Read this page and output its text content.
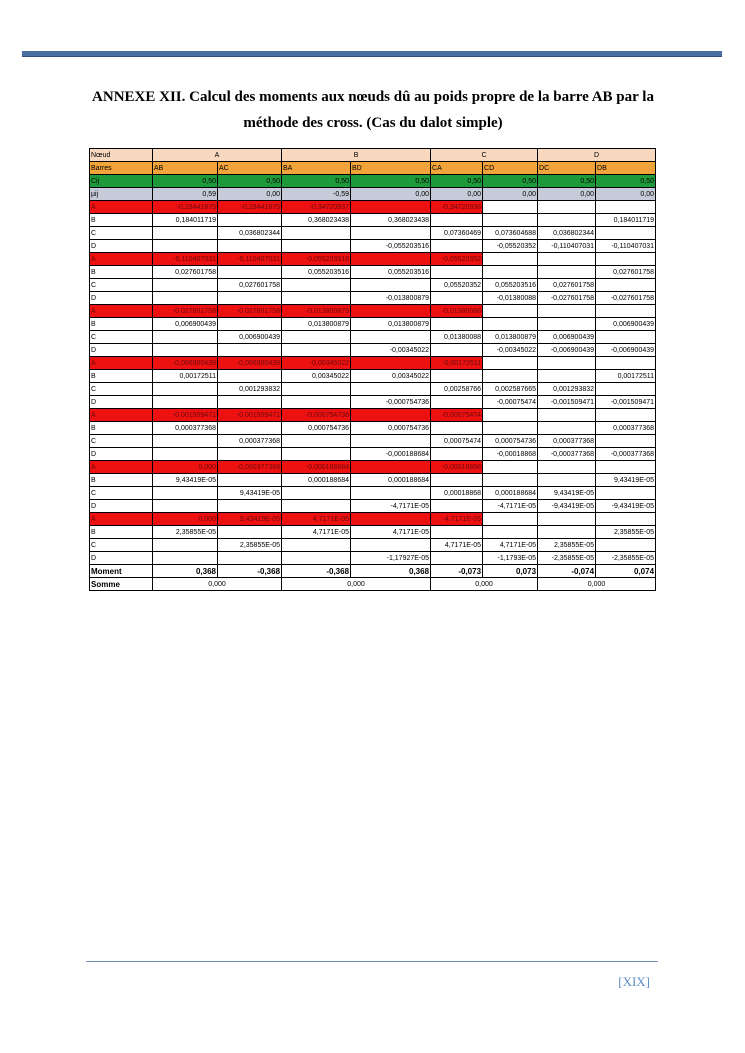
ANNEXE XII. Calcul des moments aux nœuds dû au poids propre de la barre AB par la méthode des cross. (Cas du dalot simple)
Nœud	A		B		C		D	
Barres	AB	AC	BA	BD	CA	CD	DC	DB
Cij	0,50	0,50	0,50	0,50	0,50	0,50	0,50	0,50
µij	0,59	0,00	-0,59	0,00	0,00	0,00	0,00	0,00
A	-0,29441875	-0,29441875	-0,34720937		-0,34720938			
B	0,184011719		0,368023438	0,368023438				0,184011719
C		0,036802344			0,07360469	0,073604688	0,036802344	
D				-0,055203516		-0,05520352	-0,110407031	-0,110407031
A	-0,110407031	-0,110407031	-0,055203516		-0,05520352			
B	0,027601758		0,055203516	0,055203516				0,027601758
C		0,027601758			0,05520352	0,055203516	0,027601758	
D				-0,013800879		-0,01380088	-0,027601758	-0,027601758
A	-0,027601758	-0,027601758	-0,013800879		-0,01380088			
B	0,006900439		0,013800879	0,013800879				0,006900439
C		0,006900439			0,01380088	0,013800879	0,006900439	
D				-0,00345022		-0,00345022	-0,006900439	-0,006900439
A	-0,006900439	-0,006900439	-0,00345022		-0,00172511			
B	0,00172511		0,00345022	0,00345022				0,00172511
C		0,001293832			0,00258766	0,002587665	0,001293832	
D				-0,000754736		-0,00075474	-0,001509471	-0,001509471
A	-0,001509471	-0,001509471	-0,000754736		-0,00075474			
B	0,000377368		0,000754736	0,000754736				0,000377368
C		0,000377368			0,00075474	0,000754736	0,000377368	
D				-0,000188684		-0,00018868	-0,000377368	-0,000377368
A	0,000	-0,000377368	-0,000188684		-0,00018868			
B	9,43419E-05		0,000188684	0,000188684				9,43419E-05
C		9,43419E-05			0,00018868	0,000188684	9,43419E-05	
D				-4,7171E-05		-4,7171E-05	-9,43419E-05	-9,43419E-05
A	0,000	9,43419E-05	4,7171E-05		-4,7171E-05			
B	2,35855E-05		4,7171E-05	4,7171E-05				2,35855E-05
C		2,35855E-05			4,7171E-05	4,7171E-05	2,35855E-05	
D				-1,17927E-05		-1,1793E-05	-2,35855E-05	-2,35855E-05
Moment	0,368	-0,368	-0,368	0,368	-0,073	0,073	-0,074	0,074
Somme	0,000		0,000		0,000		0,000	
[XIX]
